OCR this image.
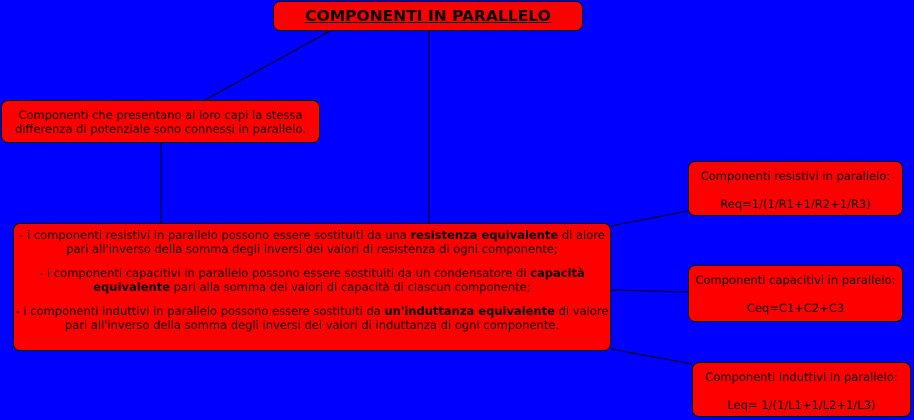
COMPONENTI IN PARALLELO
Componenti che presentano ai loro capi la stessa differenza di potenziale sono connessi in parallelo.

- i componenti resistivi in parallelo possono essere sostituiti da una resistenza equivalente di alore pari all'inverso della somma degli inversi dei valori di resistenza di ogni componente;

- i componenti capacitivi in parallelo possono essere sostituiti da un condensatore di capacità equivalente pari alla somma dei valori di capacità di ciascun componente;

- i componenti induttivi in parallelo possono essere sostituiti da un'induttanza equivalente di valore pari all'inverso della somma degli inversi dei valori di induttanza di ogni componente.

Componenti resistivi in parallelo:
Req=1/(1/R1+1/R2+1/R3)
Componenti capacitivi in parallelo:
Ceq=C1+C2+C3
Componenti induttivi in parallelo:
Leq= 1/(1/L1+1/L2+1/L3)
